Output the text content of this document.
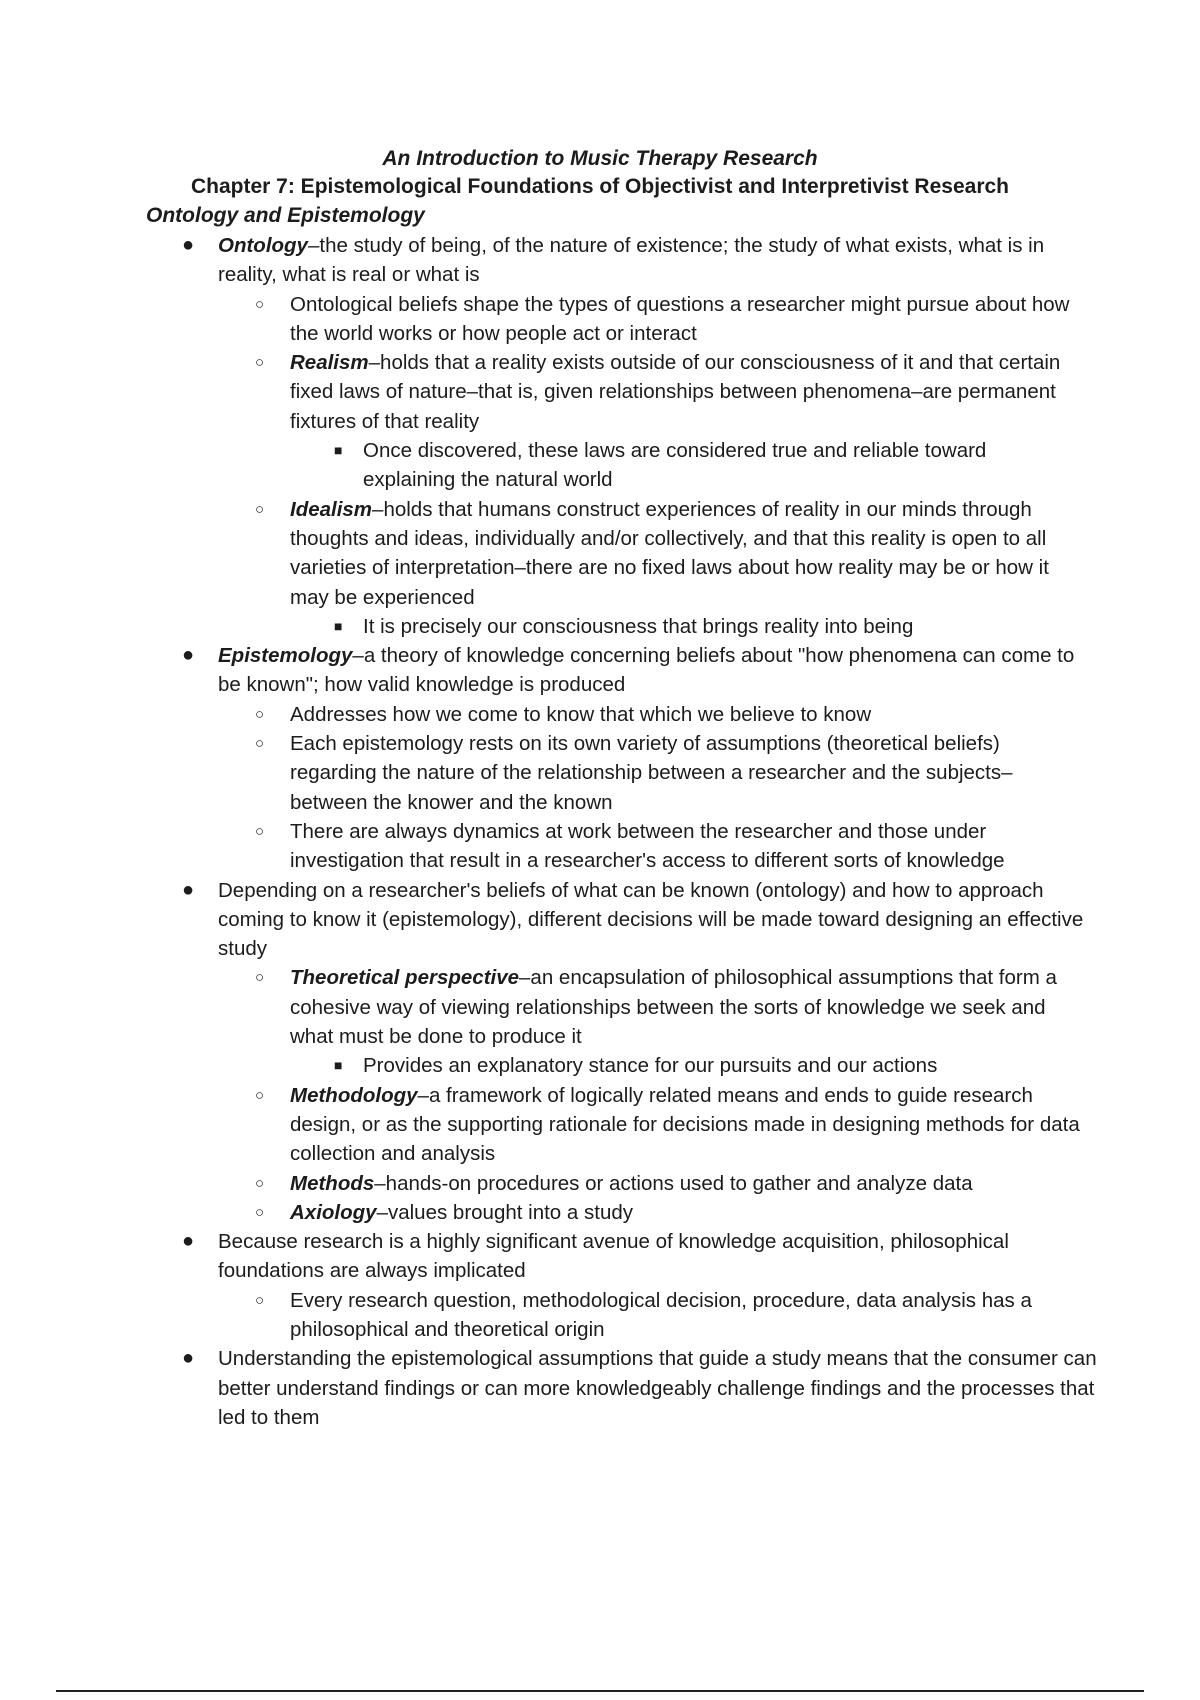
An Introduction to Music Therapy Research
Chapter 7: Epistemological Foundations of Objectivist and Interpretivist Research
Ontology and Epistemology
● Ontology–the study of being, of the nature of existence; the study of what exists, what is in reality, what is real or what is
○ Ontological beliefs shape the types of questions a researcher might pursue about how the world works or how people act or interact
○ Realism–holds that a reality exists outside of our consciousness of it and that certain fixed laws of nature–that is, given relationships between phenomena–are permanent fixtures of that reality
■ Once discovered, these laws are considered true and reliable toward explaining the natural world
○ Idealism–holds that humans construct experiences of reality in our minds through thoughts and ideas, individually and/or collectively, and that this reality is open to all varieties of interpretation–there are no fixed laws about how reality may be or how it may be experienced
■ It is precisely our consciousness that brings reality into being
● Epistemology–a theory of knowledge concerning beliefs about "how phenomena can come to be known"; how valid knowledge is produced
○ Addresses how we come to know that which we believe to know
○ Each epistemology rests on its own variety of assumptions (theoretical beliefs) regarding the nature of the relationship between a researcher and the subjects–between the knower and the known
○ There are always dynamics at work between the researcher and those under investigation that result in a researcher's access to different sorts of knowledge
● Depending on a researcher's beliefs of what can be known (ontology) and how to approach coming to know it (epistemology), different decisions will be made toward designing an effective study
○ Theoretical perspective–an encapsulation of philosophical assumptions that form a cohesive way of viewing relationships between the sorts of knowledge we seek and what must be done to produce it
■ Provides an explanatory stance for our pursuits and our actions
○ Methodology–a framework of logically related means and ends to guide research design, or as the supporting rationale for decisions made in designing methods for data collection and analysis
○ Methods–hands-on procedures or actions used to gather and analyze data
○ Axiology–values brought into a study
● Because research is a highly significant avenue of knowledge acquisition, philosophical foundations are always implicated
○ Every research question, methodological decision, procedure, data analysis has a philosophical and theoretical origin
● Understanding the epistemological assumptions that guide a study means that the consumer can better understand findings or can more knowledgeably challenge findings and the processes that led to them
